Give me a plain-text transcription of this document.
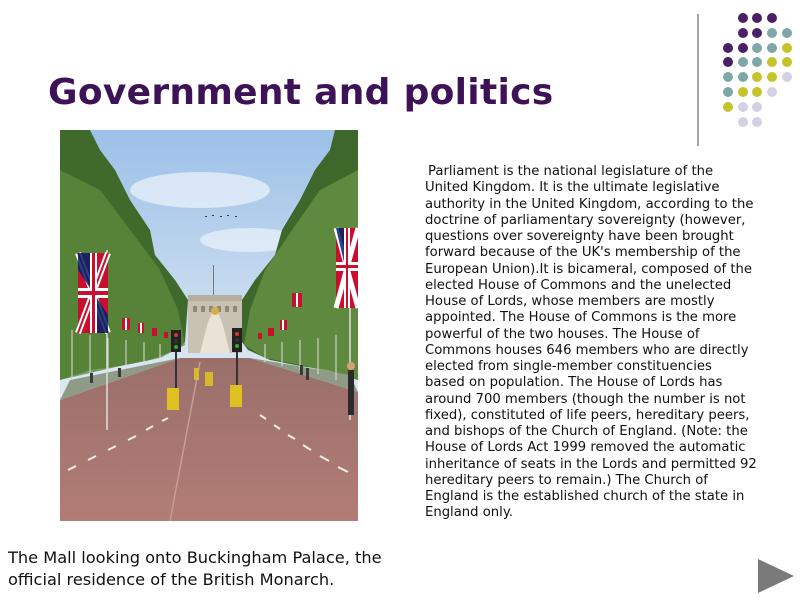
Government and politics

Parliament is the national legislature of the
United Kingdom. It is the ultimate legislative
authority in the United Kingdom, according to the
doctrine of parliamentary sovereignty (however,
questions over sovereignty have been brought
forward because of the UK's membership of the
European Union).It is bicameral, composed of the
elected House of Commons and the unelected
House of Lords, whose members are mostly
appointed. The House of Commons is the more
powerful of the two houses. The House of
Commons houses 646 members who are directly
elected from single-member constituencies
based on population. The House of Lords has
around 700 members (though the number is not
fixed), constituted of life peers, hereditary peers,
and bishops of the Church of England. (Note: the
House of Lords Act 1999 removed the automatic
inheritance of seats in the Lords and permitted 92
hereditary peers to remain.) The Church of
England is the established church of the state in
England only.

The Mall looking onto Buckingham Palace, the
official residence of the British Monarch.
